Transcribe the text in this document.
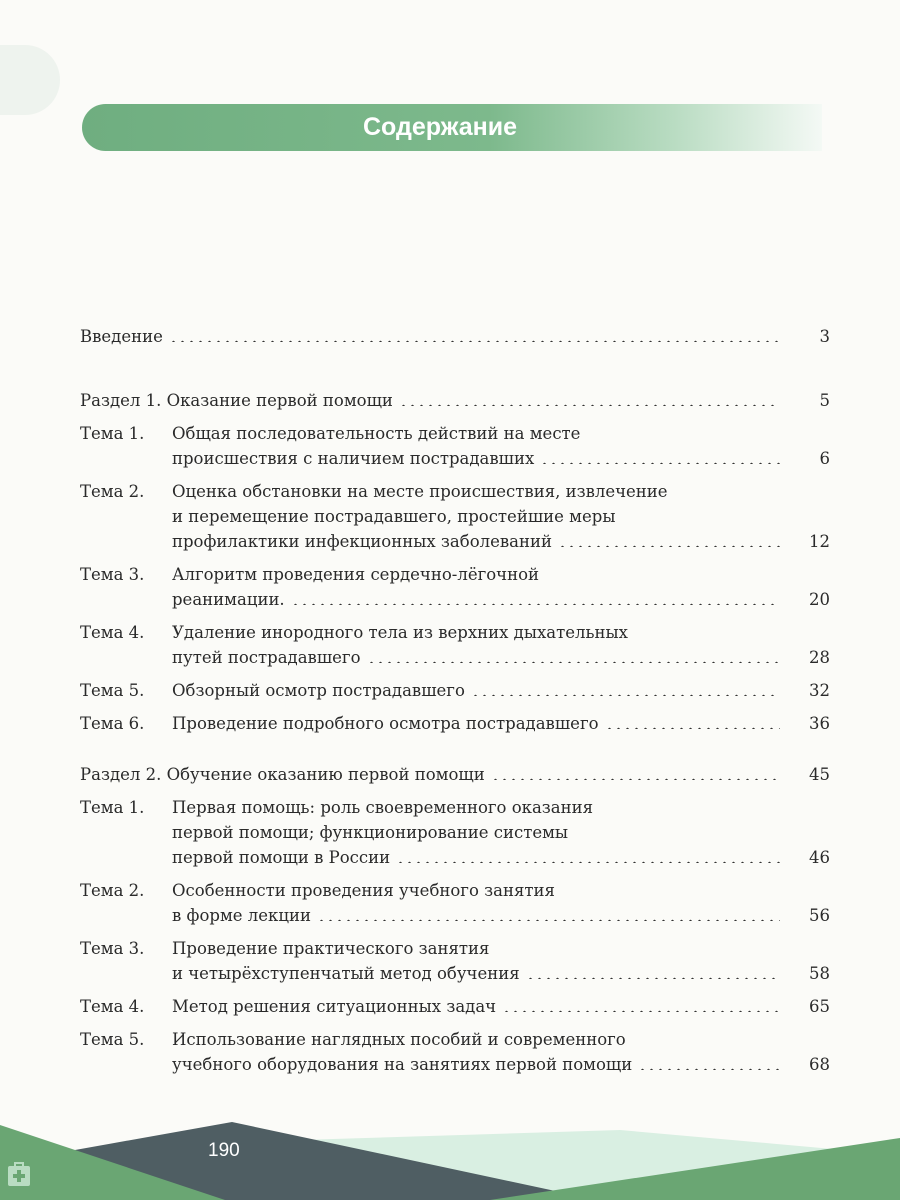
Содержание
Введение	3
Раздел 1. Оказание первой помощи	5
Тема 1. Общая последовательность действий на месте
происшествия с наличием пострадавших	6
Тема 2. Оценка обстановки на месте происшествия, извлечение
и перемещение пострадавшего, простейшие меры
профилактики инфекционных заболеваний	12
Тема 3. Алгоритм проведения сердечно-лёгочной
реанимации.	20
Тема 4. Удаление инородного тела из верхних дыхательных
путей пострадавшего	28
Тема 5. Обзорный осмотр пострадавшего	32
Тема 6. Проведение подробного осмотра пострадавшего	36
Раздел 2. Обучение оказанию первой помощи	45
Тема 1. Первая помощь: роль своевременного оказания
первой помощи; функционирование системы
первой помощи в России	46
Тема 2. Особенности проведения учебного занятия
в форме лекции	56
Тема 3. Проведение практического занятия
и четырёхступенчатый метод обучения	58
Тема 4. Метод решения ситуационных задач	65
Тема 5. Использование наглядных пособий и современного
учебного оборудования на занятиях первой помощи	68
190
